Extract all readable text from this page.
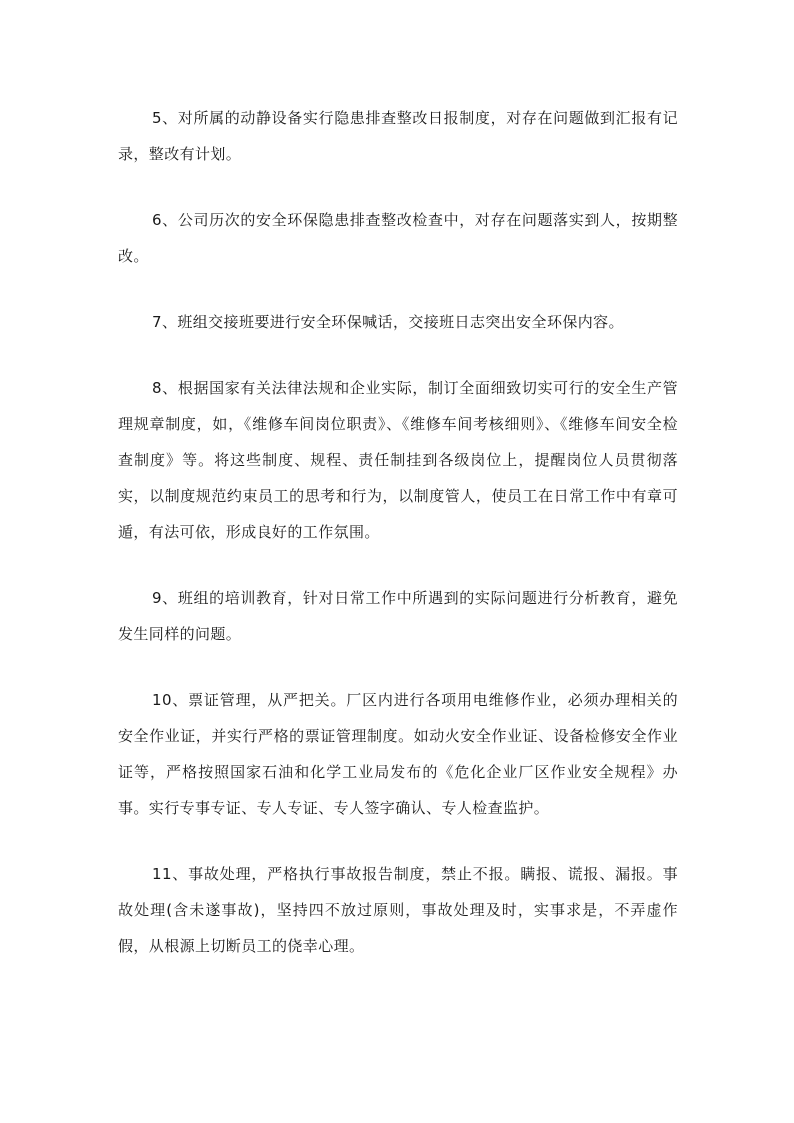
5、对所属的动静设备实行隐患排查整改日报制度，对存在问题做到汇报有记录，整改有计划。

6、公司历次的安全环保隐患排查整改检查中，对存在问题落实到人，按期整改。

7、班组交接班要进行安全环保喊话，交接班日志突出安全环保内容。

8、根据国家有关法律法规和企业实际，制订全面细致切实可行的安全生产管理规章制度，如，《维修车间岗位职责》、《维修车间考核细则》、《维修车间安全检查制度》等。将这些制度、规程、责任制挂到各级岗位上，提醒岗位人员贯彻落实，以制度规范约束员工的思考和行为，以制度管人，使员工在日常工作中有章可遁，有法可依，形成良好的工作氛围。

9、班组的培训教育，针对日常工作中所遇到的实际问题进行分析教育，避免发生同样的问题。

10、票证管理，从严把关。厂区内进行各项用电维修作业，必须办理相关的安全作业证，并实行严格的票证管理制度。如动火安全作业证、设备检修安全作业证等，严格按照国家石油和化学工业局发布的《危化企业厂区作业安全规程》办事。实行专事专证、专人专证、专人签字确认、专人检查监护。

11、事故处理，严格执行事故报告制度，禁止不报。瞒报、谎报、漏报。事故处理(含未遂事故)，坚持四不放过原则，事故处理及时，实事求是，不弄虚作假，从根源上切断员工的侥幸心理。
